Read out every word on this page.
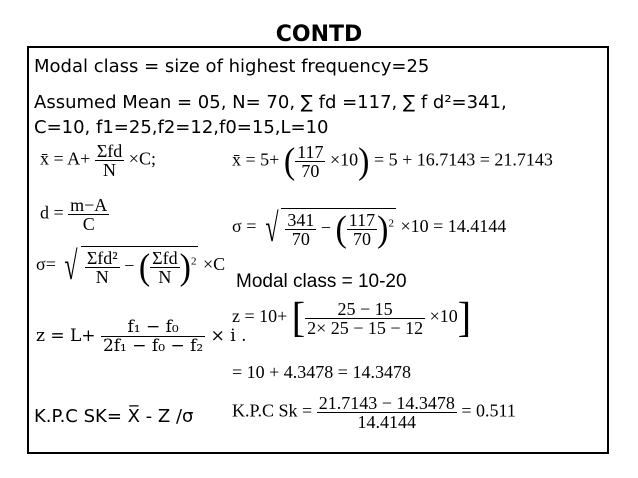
CONTD
Modal class = size of highest frequency=25
Assumed Mean = 05, N= 70, ∑ fd =117, ∑ f d²=341,
C=10, f1=25,f2=12,f0=15,L=10
x̄ = $A+ \frac{\text{Σfd}}{N} \times C$;
$d = \frac{m-A}{C}$
σ= √ $\frac{\text{Σfd²}}{N}$ − ( $\frac{\text{Σfd}}{N} )^2 \times C$
$z = L+ \frac{\text{f₁ − f₀}}{\text{2f₁ − f₀ − f₂}} \times i$ .
K.P.C SK= X̅ - Z /σ
x̄ = 5+ ( $\frac{117}{70} \times 10) = 5 + 16.7143 = 21.7143$
σ = √ $\frac{341}{70}$ − ( $\frac{117}{70} )^2 \times 10 = 14.4144$
Modal class = 10-20
z = 10+ [ $\frac{25 - 15}{2\times 25 - 15 - 12} \times 10$]
= 10 + 4.3478 = 14.3478
K.P.C $Sk = \frac{21.7143 - 14.3478}{14.4144} = 0.511$
